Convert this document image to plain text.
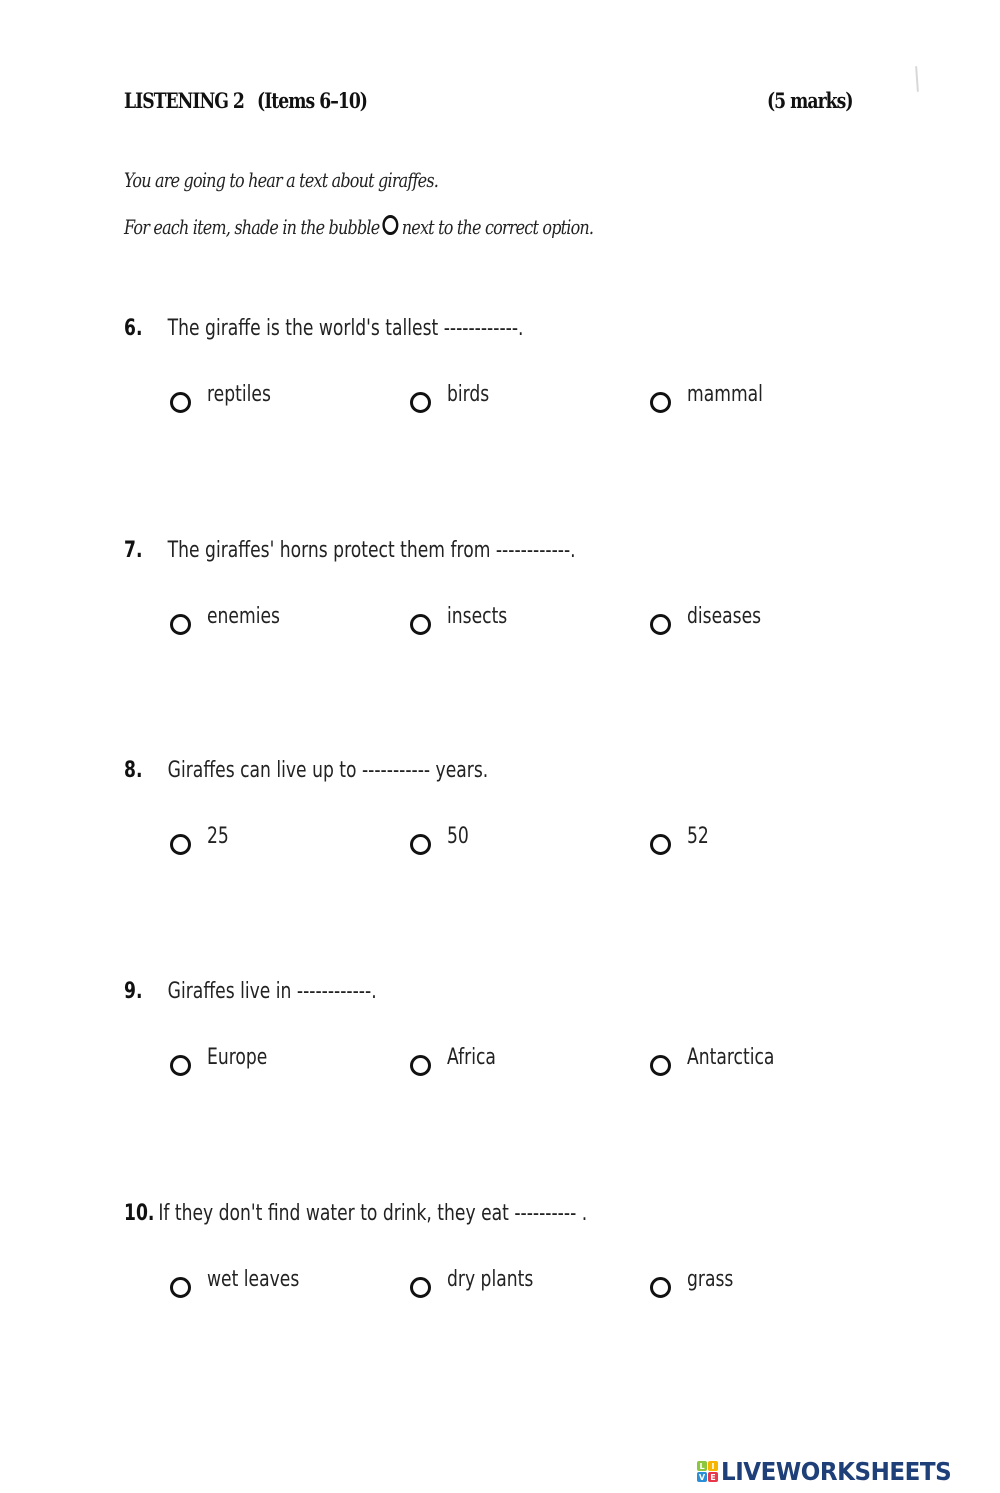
LISTENING 2 (Items 6–10)	(5 marks)
You are going to hear a text about giraffes.
For each item, shade in the bubble next to the correct option.
6. The giraffe is the world's tallest ------------.
reptiles	birds	mammal
7. The giraffes' horns protect them from ------------.
enemies	insects	diseases
8. Giraffes can live up to ----------- years.
25	50	52
9. Giraffes live in ------------.
Europe	Africa	Antarctica
10. If they don't find water to drink, they eat ---------- .
wet leaves	dry plants	grass
L I
V E LIVEWORKSHEETS
